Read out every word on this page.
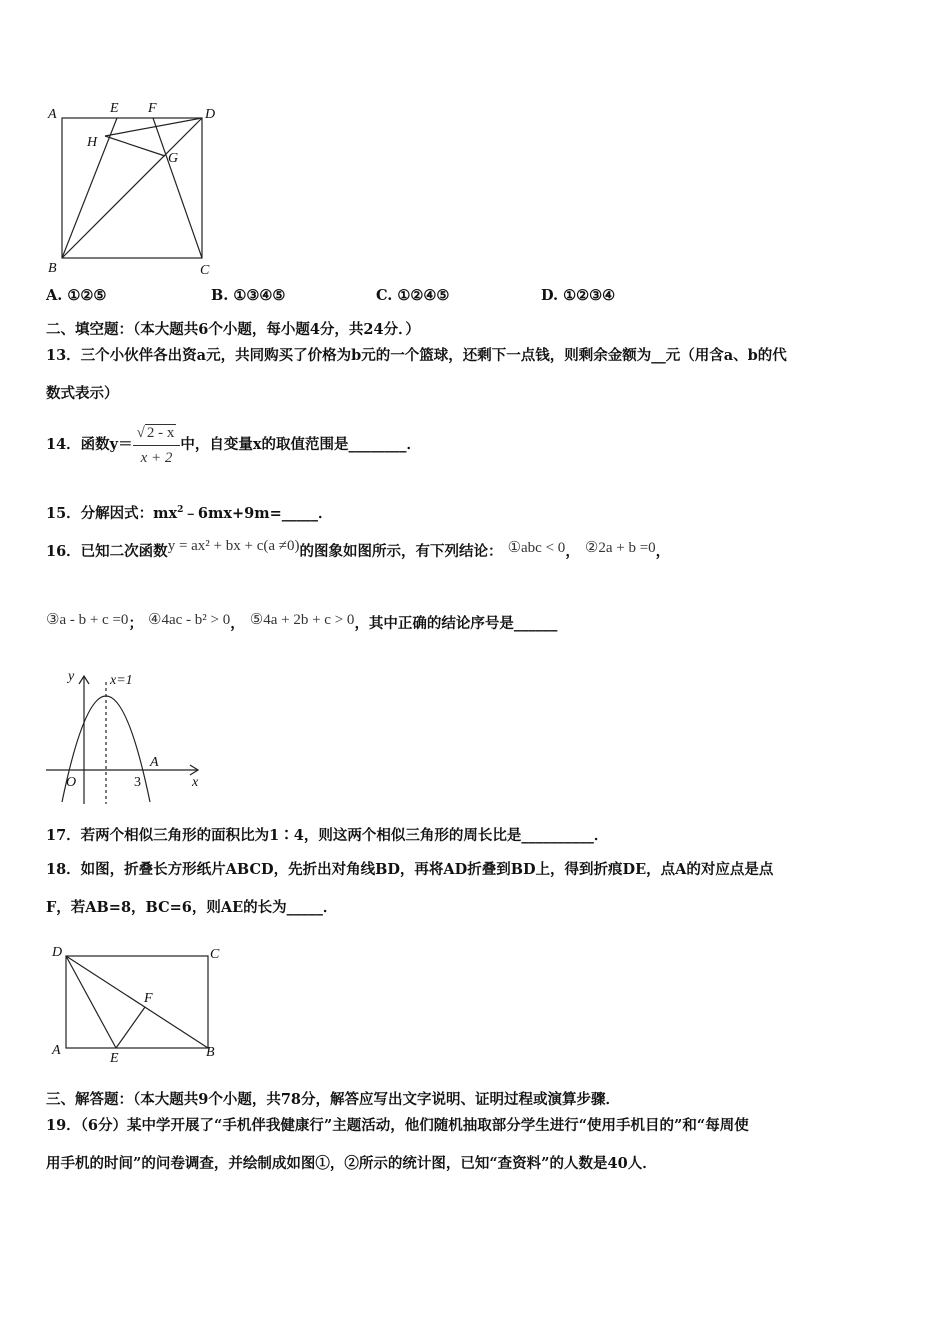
A	E F	D
H
G
B	C
A. ①②⑤	B. ①③④⑤	C. ①②④⑤	D. ①②③④
二、填空题：（本大题共6个小题，每小题4分，共24分．）
13．三个小伙伴各出资a元，共同购买了价格为b元的一个篮球，还剩下一点钱，则剩余金额为__元（用含a、b的代
数式表示）
14．函数$y= \frac{√ 2 - x}{x + 2}$ 中，自变量x的取值范围是________．
15．分解因式：$mx^2﹣6mx+9m=\_\_\_\_\_$．
16．已知二次函数y = ax² + bx + c(a ≠0)的图象如图所示，有下列结论： ①abc < 0， ②2a + b =0，
③a - b + c =0； ④4ac - b² > 0， ⑤4a + 2b + c > 0，其中正确的结论序号是______
y
x
x=1
O	3
A
17．若两个相似三角形的面积比为1∶4，则这两个相似三角形的周长比是__________．
18．如图，折叠长方形纸片ABCD，先折出对角线BD，再将AD折叠到BD上，得到折痕DE，点A的对应点是点
F，若AB=8，BC=6，则AE的长为_____．
D	C
F
A
E	B
三、解答题：（本大题共9个小题，共78分，解答应写出文字说明、证明过程或演算步骤．
19．（6分）某中学开展了“手机伴我健康行”主题活动，他们随机抽取部分学生进行“使用手机目的”和“每周使
用手机的时间”的问卷调查，并绘制成如图①，②所示的统计图，已知“查资料”的人数是40人．
